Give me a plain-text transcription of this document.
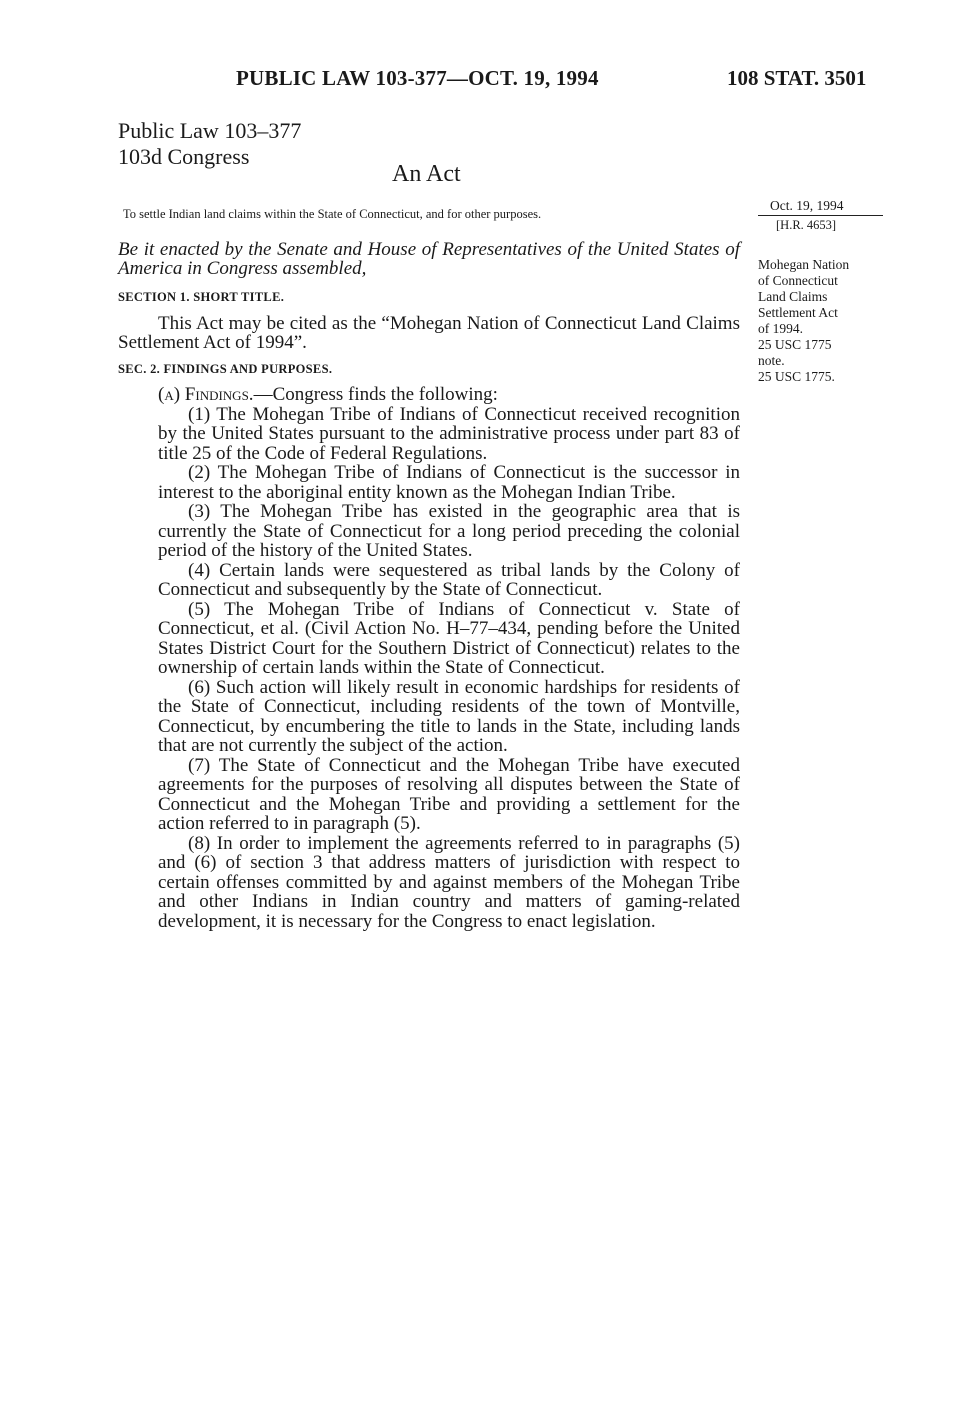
PUBLIC LAW 103-377—OCT. 19, 1994	108 STAT. 3501
Public Law 103–377
103d Congress
An Act
To settle Indian land claims within the State of Connecticut, and for other purposes.
Be it enacted by the Senate and House of Representatives of the United States of America in Congress assembled,
SECTION 1. SHORT TITLE.
This Act may be cited as the “Mohegan Nation of Connecticut Land Claims Settlement Act of 1994”.
SEC. 2. FINDINGS AND PURPOSES.

(a) Findings.—Congress finds the following:

(1) The Mohegan Tribe of Indians of Connecticut received recognition by the United States pursuant to the administrative process under part 83 of title 25 of the Code of Federal Regulations.

(2) The Mohegan Tribe of Indians of Connecticut is the successor in interest to the aboriginal entity known as the Mohegan Indian Tribe.

(3) The Mohegan Tribe has existed in the geographic area that is currently the State of Connecticut for a long period preceding the colonial period of the history of the United States.

(4) Certain lands were sequestered as tribal lands by the Colony of Connecticut and subsequently by the State of Connecticut.

(5) The Mohegan Tribe of Indians of Connecticut v. State of Connecticut, et al. (Civil Action No. H–77–434, pending before the United States District Court for the Southern District of Connecticut) relates to the ownership of certain lands within the State of Connecticut.

(6) Such action will likely result in economic hardships for residents of the State of Connecticut, including residents of the town of Montville, Connecticut, by encumbering the title to lands in the State, including lands that are not currently the subject of the action.

(7) The State of Connecticut and the Mohegan Tribe have executed agreements for the purposes of resolving all disputes between the State of Connecticut and the Mohegan Tribe and providing a settlement for the action referred to in paragraph (5).

(8) In order to implement the agreements referred to in paragraphs (5) and (6) of section 3 that address matters of jurisdiction with respect to certain offenses committed by and against members of the Mohegan Tribe and other Indians in Indian country and matters of gaming-related development, it is necessary for the Congress to enact legislation.

Oct. 19, 1994
[H.R. 4653]
Mohegan Nation
of Connecticut
Land Claims
Settlement Act
of 1994.
25 USC 1775
note.
25 USC 1775.
